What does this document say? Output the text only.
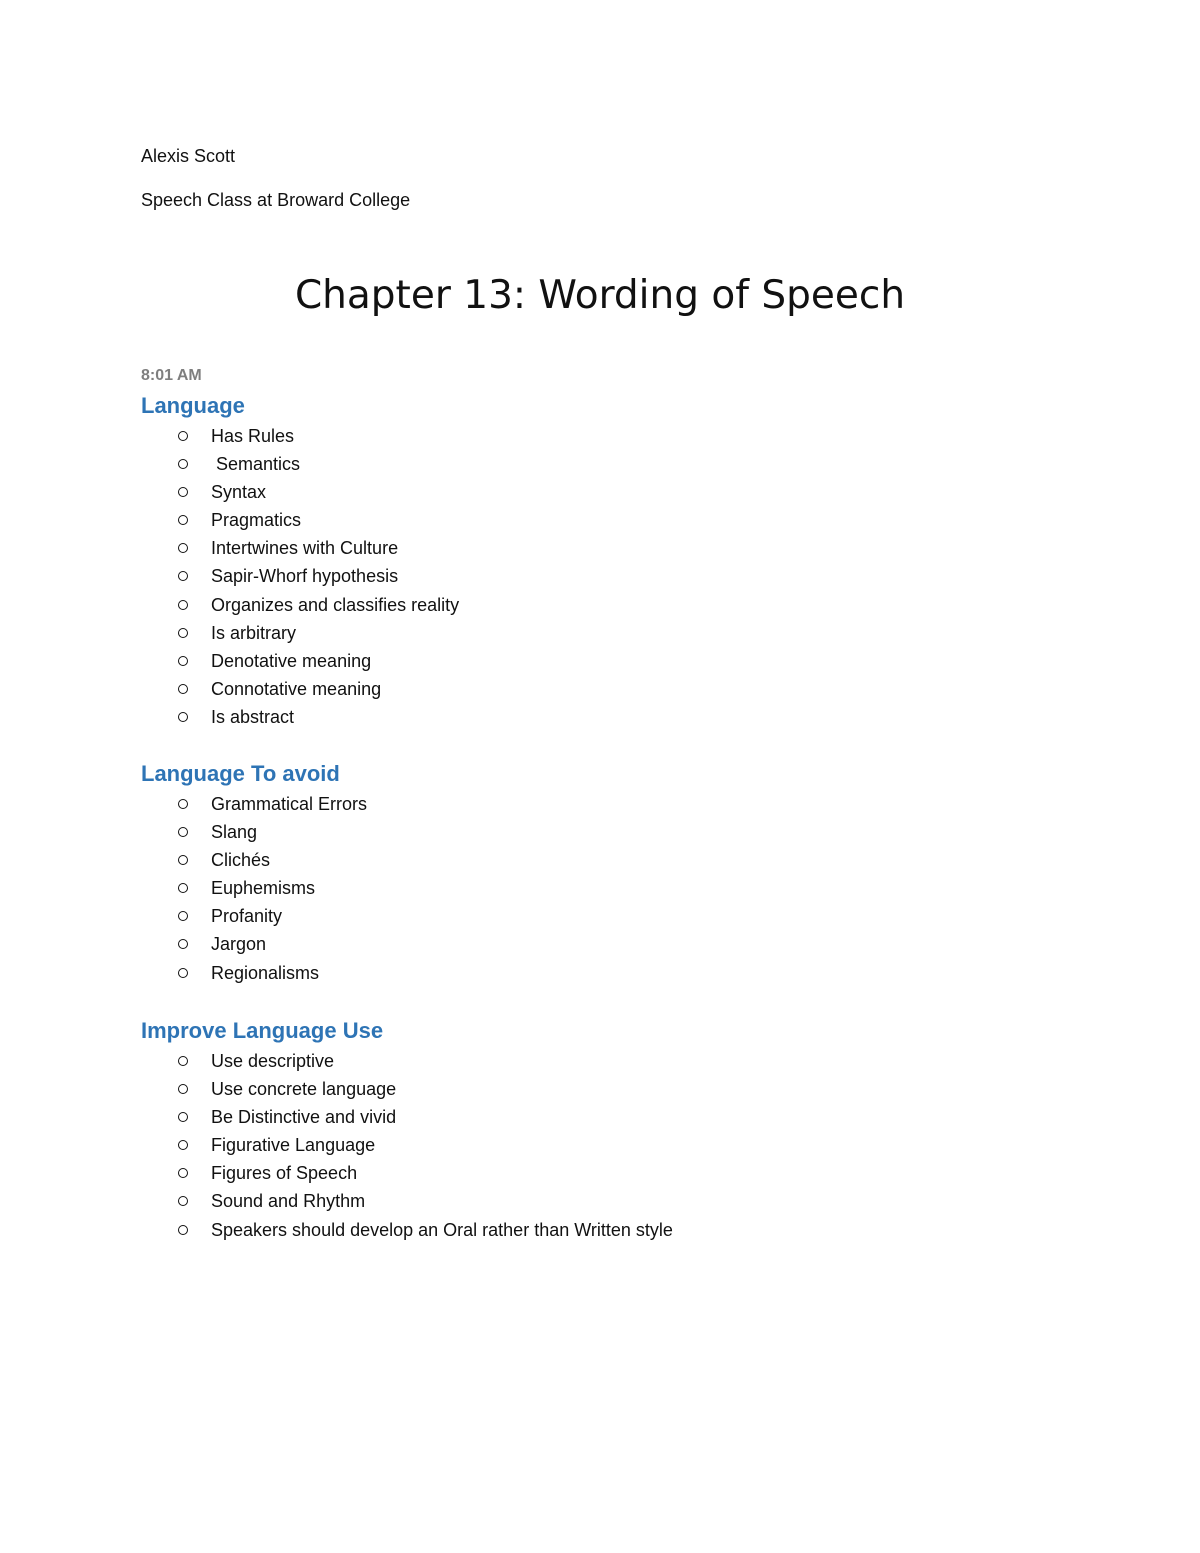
Alexis Scott

Speech Class at Broward College

Chapter 13: Wording of Speech

8:01 AM

Language
Has Rules
Semantics
Syntax
Pragmatics
Intertwines with Culture
Sapir-Whorf hypothesis
Organizes and classifies reality
Is arbitrary
Denotative meaning
Connotative meaning
Is abstract
Language To avoid
Grammatical Errors
Slang
Clichés
Euphemisms
Profanity
Jargon
Regionalisms
Improve Language Use
Use descriptive
Use concrete language
Be Distinctive and vivid
Figurative Language
Figures of Speech
Sound and Rhythm
Speakers should develop an Oral rather than Written style
